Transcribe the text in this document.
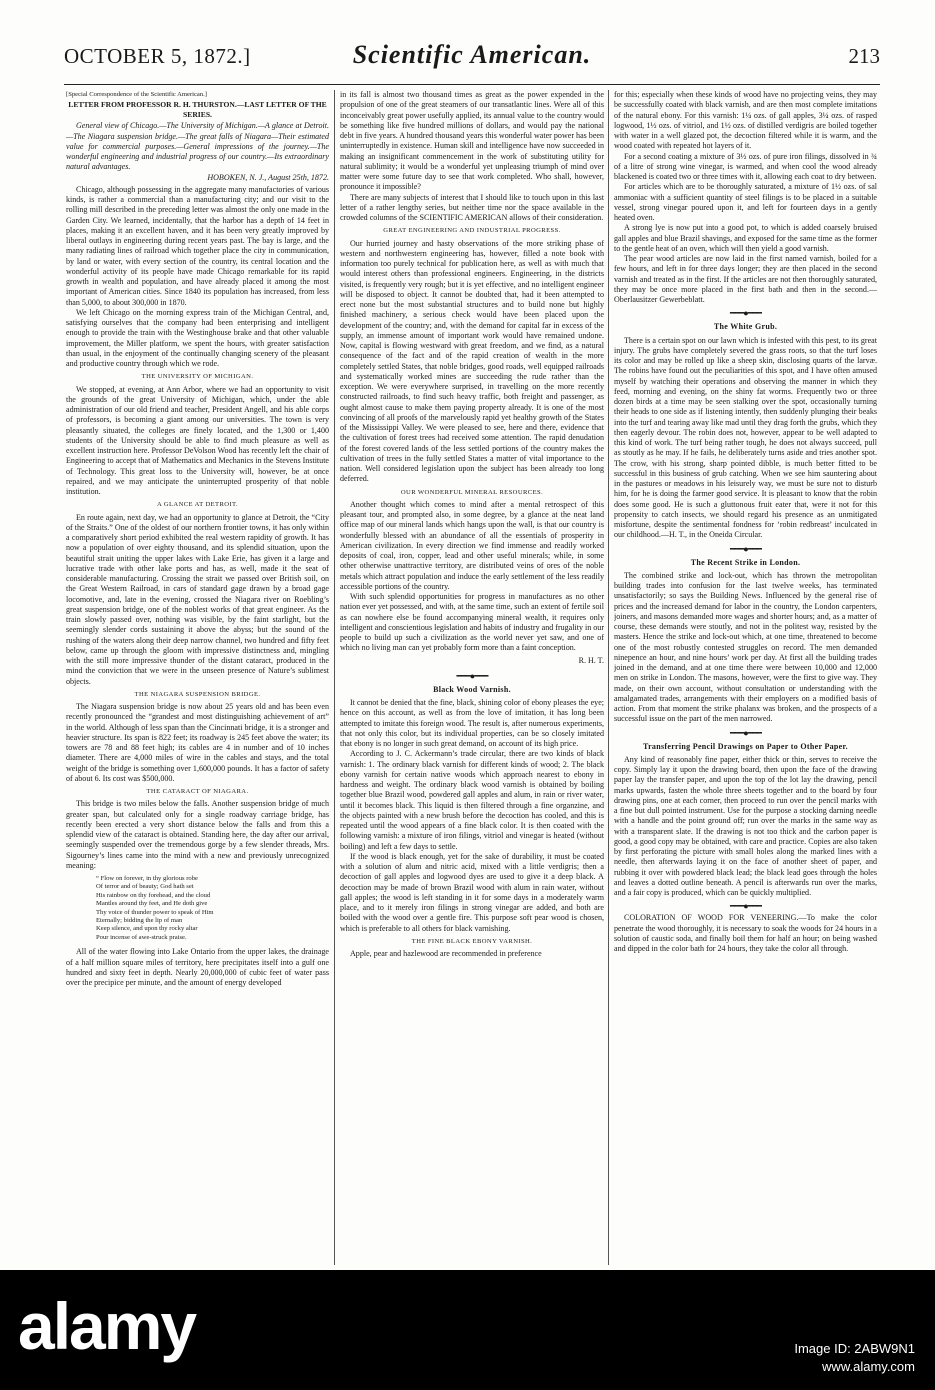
OCTOBER 5, 1872.]	Scientific American.	213

[Special Correspondence of the Scientific American.]

LETTER FROM PROFESSOR R. H. THURSTON.—LAST LETTER OF THE SERIES.

General view of Chicago.—The University of Michigan.—A glance at Detroit.—The Niagara suspension bridge.—The great falls of Niagara—Their estimated value for commercial purposes.—General impressions of the journey.—The wonderful engineering and industrial progress of our country.—Its extraordinary natural advantages.

HOBOKEN, N. J., August 25th, 1872.

Chicago, although possessing in the aggregate many manufactories of various kinds, is rather a commercial than a manufacturing city; and our visit to the rolling mill described in the preceding letter was almost the only one made in the Garden City. We learned, incidentally, that the harbor has a depth of 14 feet in places, making it an excellent haven, and it has been very greatly improved by liberal outlays in engineering during recent years past. The bay is large, and the many radiating lines of railroad which together place the city in communication, by land or water, with every section of the country, its central location and the wonderful activity of its people have made Chicago remarkable for its rapid growth in wealth and population, and have already placed it among the most important of American cities. Since 1840 its population has increased, from less than 5,000, to about 300,000 in 1870.

We left Chicago on the morning express train of the Michigan Central, and, satisfying ourselves that the company had been enterprising and intelligent enough to provide the train with the Westinghouse brake and that other valuable improvement, the Miller platform, we spent the hours, with greater satisfaction than usual, in the enjoyment of the continually changing scenery of the pleasant and productive country through which we rode.

THE UNIVERSITY OF MICHIGAN.

We stopped, at evening, at Ann Arbor, where we had an opportunity to visit the grounds of the great University of Michigan, which, under the able administration of our old friend and teacher, President Angell, and his able corps of professors, is becoming a giant among our universities. The town is very pleasantly situated, the colleges are finely located, and the 1,300 or 1,400 students of the University should be able to find much pleasure as well as excellent instruction here. Professor DeVolson Wood has recently left the chair of Engineering to accept that of Mathematics and Mechanics in the Stevens Institute of Technology. This great loss to the University will, however, be at once repaired, and we may anticipate the uninterrupted prosperity of that noble institution.

A GLANCE AT DETROIT.

En route again, next day, we had an opportunity to glance at Detroit, the “City of the Straits.” One of the oldest of our northern frontier towns, it has only within a comparatively short period exhibited the real western rapidity of growth. It has now a population of over eighty thousand, and its splendid situation, upon the beautiful strait uniting the upper lakes with Lake Erie, has given it a large and lucrative trade with other lake ports and has, as well, made it the seat of considerable manufacturing. Crossing the strait we passed over British soil, on the Great Western Railroad, in cars of standard gage drawn by a broad gage locomotive, and, late in the evening, crossed the Niagara river on Roebling’s great suspension bridge, one of the noblest works of that great engineer. As the train slowly passed over, nothing was visible, by the faint starlight, but the seemingly slender cords sustaining it above the abyss; but the sound of the rushing of the waters along their deep narrow channel, two hundred and fifty feet below, came up through the gloom with impressive distinctness and, mingling with the still more impressive thunder of the distant cataract, produced in the mind the conviction that we were in the unseen presence of Nature’s sublimest objects.

THE NIAGARA SUSPENSION BRIDGE.

The Niagara suspension bridge is now about 25 years old and has been even recently pronounced the “grandest and most distinguishing achievement of art” in the world. Although of less span than the Cincinnati bridge, it is a stronger and heavier structure. Its span is 822 feet; its roadway is 245 feet above the water; its towers are 78 and 88 feet high; its cables are 4 in number and of 10 inches diameter. There are 4,000 miles of wire in the cables and stays, and the total weight of the bridge is something over 1,600,000 pounds. It has a factor of safety of about 6. Its cost was $500,000.

THE CATARACT OF NIAGARA.

This bridge is two miles below the falls. Another suspension bridge of much greater span, but calculated only for a single roadway carriage bridge, has recently been erected a very short distance below the falls and from this a splendid view of the cataract is obtained. Standing here, the day after our arrival, seemingly suspended over the tremendous gorge by a few slender threads, Mrs. Sigourney’s lines came into the mind with a new and previously unrecognized meaning:

“ Flow on forever, in thy glorious robe
Of terror and of beauty; God hath set
His rainbow on thy forehead, and the cloud
Mantles around thy feet, and He doth give
Thy voice of thunder power to speak of Him
Eternally; bidding the lip of man
Keep silence, and upon thy rocky altar
Pour incense of awe-struck praise.

All of the water flowing into Lake Ontario from the upper lakes, the drainage of a half million square miles of territory, here precipitates itself into a gulf one hundred and sixty feet in depth. Nearly 20,000,000 of cubic feet of water pass over the precipice per minute, and the amount of energy developed

in its fall is almost two thousand times as great as the power expended in the propulsion of one of the great steamers of our transatlantic lines. Were all of this inconceivably great power usefully applied, its annual value to the country would be something like five hundred millions of dollars, and would pay the national debt in five years. A hundred thousand years this wonderful water power has been uninterruptedly in existence. Human skill and intelligence have now succeeded in making an insignificant commencement in the work of substituting utility for natural sublimity; it would be a wonderful yet unpleasing triumph of mind over matter were some future day to see that work completed. Who shall, however, pronounce it impossible?

There are many subjects of interest that I should like to touch upon in this last letter of a rather lengthy series, but neither time nor the space available in the crowded columns of the SCIENTIFIC AMERICAN allows of their consideration.

GREAT ENGINEERING AND INDUSTRIAL PROGRESS.

Our hurried journey and hasty observations of the more striking phase of western and northwestern engineering has, however, filled a note book with information too purely technical for publication here, as well as with much that would interest others than professional engineers. Engineering, in the districts visited, is frequently very rough; but it is yet effective, and no intelligent engineer will be disposed to object. It cannot be doubted that, had it been attempted to erect none but the most substantial structures and to build none but highly finished machinery, a serious check would have been placed upon the development of the country; and, with the demand for capital far in excess of the supply, an immense amount of important work would have remained undone. Now, capital is flowing westward with great freedom, and we find, as a natural consequence of the fact and of the rapid creation of wealth in the more completely settled States, that noble bridges, good roads, well equipped railroads and systematically worked mines are succeeding the rude rather than the exception. We were everywhere surprised, in travelling on the more recently constructed railroads, to find such heavy traffic, both freight and passenger, as ought almost cause to make them paying property already. It is one of the most convincing of all proofs of the marvelously rapid yet healthy growth of the States of the Mississippi Valley. We were pleased to see, here and there, evidence that the cultivation of forest trees had received some attention. The rapid denudation of the forest covered lands of the less settled portions of the country makes the cultivation of trees in the fully settled States a matter of vital importance to the nation. Well considered legislation upon the subject has been already too long deferred.

OUR WONDERFUL MINERAL RESOURCES.

Another thought which comes to mind after a mental retrospect of this pleasant tour, and prompted also, in some degree, by a glance at the neat land office map of our mineral lands which hangs upon the wall, is that our country is wonderfully blessed with an abundance of all the essentials of prosperity in American civilization. In every direction we find immense and readily worked deposits of coal, iron, copper, lead and other useful minerals; while, in some other otherwise unattractive territory, are distributed veins of ores of the noble metals which attract population and induce the early settlement of the less readily accessible portions of the country.

With such splendid opportunities for progress in manufactures as no other nation ever yet possessed, and with, at the same time, such an extent of fertile soil as can nowhere else be found accompanying mineral wealth, it requires only intelligent and conscientious legislation and habits of industry and frugality in our people to build up such a civilization as the world never yet saw, and one of which no living man can yet probably form more than a faint conception.

R. H. T.
━━━●━━━
Black Wood Varnish.

It cannot be denied that the fine, black, shining color of ebony pleases the eye; hence on this account, as well as from the love of imitation, it has long been attempted to imitate this foreign wood. The result is, after numerous experiments, that not only this color, but its individual properties, can be so closely imitated that ebony is no longer in such great demand, on account of its high price.

According to J. C. Ackermann’s trade circular, there are two kinds of black varnish: 1. The ordinary black varnish for different kinds of wood; 2. The black ebony varnish for certain native woods which approach nearest to ebony in hardness and weight. The ordinary black wood varnish is obtained by boiling together blue Brazil wood, powdered gall apples and alum, in rain or river water, until it becomes black. This liquid is then filtered through a fine organzine, and the objects painted with a new brush before the decoction has cooled, and this is repeated until the wood appears of a fine black color. It is then coated with the following varnish: a mixture of iron filings, vitriol and vinegar is heated (without boiling) and left a few days to settle.

If the wood is black enough, yet for the sake of durability, it must be coated with a solution of alum and nitric acid, mixed with a little verdigris; then a decoction of gall apples and logwood dyes are used to give it a deep black. A decoction may be made of brown Brazil wood with alum in rain water, without gall apples; the wood is left standing in it for some days in a moderately warm place, and to it merely iron filings in strong vinegar are added, and both are boiled with the wood over a gentle fire. This purpose soft pear wood is chosen, which is preferable to all others for black varnishing.

THE FINE BLACK EBONY VARNISH.

Apple, pear and hazlewood are recommended in preference

for this; especially when these kinds of wood have no projecting veins, they may be successfully coated with black varnish, and are then most complete imitations of the natural ebony. For this varnish: 1¼ ozs. of gall apples, 3¼ ozs. of rasped logwood, 1½ ozs. of vitriol, and 1½ ozs. of distilled verdigris are boiled together with water in a well glazed pot, the decoction filtered while it is warm, and the wood coated with repeated hot layers of it.

For a second coating a mixture of 3½ ozs. of pure iron filings, dissolved in ¾ of a litre of strong wine vinegar, is warmed, and when cool the wood already blackened is coated two or three times with it, allowing each coat to dry between.

For articles which are to be thoroughly saturated, a mixture of 1½ ozs. of sal ammoniac with a sufficient quantity of steel filings is to be placed in a suitable vessel, strong vinegar poured upon it, and left for fourteen days in a gently heated oven.

A strong lye is now put into a good pot, to which is added coarsely bruised gall apples and blue Brazil shavings, and exposed for the same time as the former to the gentle heat of an oven, which will then yield a good varnish.

The pear wood articles are now laid in the first named varnish, boiled for a few hours, and left in for three days longer; they are then placed in the second varnish and treated as in the first. If the articles are not then thoroughly saturated, they may be once more placed in the first bath and then in the second.—Oberlausitzer Gewerbeblatt.

━━━●━━━
The White Grub.

There is a certain spot on our lawn which is infested with this pest, to its great injury. The grubs have completely severed the grass roots, so that the turf loses its color and may be rolled up like a sheep skin, disclosing quarts of the larvæ. The robins have found out the peculiarities of this spot, and I have often amused myself by watching their operations and observing the manner in which they feed, morning and evening, on the shiny fat worms. Frequently two or three dozen birds at a time may be seen stalking over the spot, occasionally turning their heads to one side as if listening intently, then suddenly plunging their beaks into the turf and tearing away like mad until they drag forth the grubs, which they then eagerly devour. The robin does not, however, appear to be well adapted to this kind of work. The turf being rather tough, he does not always succeed, pull as stoutly as he may. If he fails, he deliberately turns aside and tries another spot. The crow, with his strong, sharp pointed dibble, is much better fitted to be successful in this business of grub catching. When we see him sauntering about in the pastures or meadows in his leisurely way, we must be sure not to disturb him, for he is doing the farmer good service. It is pleasant to know that the robin does some good. He is such a gluttonous fruit eater that, were it not for this propensity to catch insects, we should regard his presence as an unmitigated misfortune, despite the sentimental fondness for ‘robin redbreast’ inculcated in our childhood.—H. T., in the Oneida Circular.

━━━●━━━
The Recent Strike in London.

The combined strike and lock-out, which has thrown the metropolitan building trades into confusion for the last twelve weeks, has terminated unsatisfactorily; so says the Building News. Influenced by the general rise of prices and the increased demand for labor in the country, the London carpenters, joiners, and masons demanded more wages and shorter hours; and, as a matter of course, these demands were stoutly, and not in the politest way, resisted by the masters. Hence the strike and lock-out which, at one time, threatened to become one of the most robustly contested struggles on record. The men demanded ninepence an hour, and nine hours’ work per day. At first all the building trades joined in the demand, and at one time there were between 10,000 and 12,000 men on strike in London. The masons, however, were the first to give way. They made, on their own account, without consultation or understanding with the amalgamated trades, arrangements with their employers on a modified basis of action. From that moment the strike phalanx was broken, and the prospects of a successful issue on the part of the men narrowed.

━━━●━━━
Transferring Pencil Drawings on Paper to Other Paper.

Any kind of reasonably fine paper, either thick or thin, serves to receive the copy. Simply lay it upon the drawing board, then upon the face of the drawing paper lay the transfer paper, and upon the top of the lot lay the drawing, pencil marks upwards, fasten the whole three sheets together and to the board by four drawing pins, one at each corner, then proceed to run over the pencil marks with a fine but dull pointed instrument. Use for the purpose a stocking darning needle with a handle and the point ground off; run over the marks in the same way as with a transparent slate. If the drawing is not too thick and the carbon paper is good, a good copy may be obtained, with care and practice. Copies are also taken by first perforating the picture with small holes along the marked lines with a needle, then afterwards laying it on the face of another sheet of paper, and rubbing it over with powdered black lead; the black lead goes through the holes and leaves a dotted outline beneath. A pencil is afterwards run over the marks, and a fair copy is produced, which can be quickly multiplied.

━━━●━━━

COLORATION OF WOOD FOR VENEERING.—To make the color penetrate the wood thoroughly, it is necessary to soak the woods for 24 hours in a solution of caustic soda, and finally boil them for half an hour; on being washed and dipped in the color bath for 24 hours, they take the color all through.

alamy	Image ID: 2ABW9N1
www.alamy.com
